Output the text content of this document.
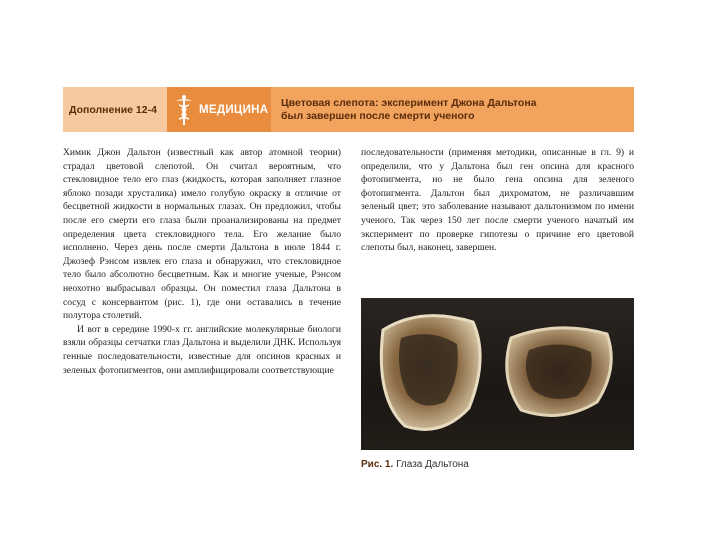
Дополнение 12-4	МЕДИЦИНА
Цветовая слепота: эксперимент Джона Дальтона
был завершен после смерти ученого

Химик Джон Дальтон (известный как автор атомной теории) страдал цветовой слепотой. Он считал вероятным, что стекловидное тело его глаз (жидкость, которая заполняет глазное яблоко позади хрусталика) имело голубую окраску в отличие от бесцветной жидкости в нормальных глазах. Он предложил, чтобы после его смерти его глаза были проанализированы на предмет определения цвета стекловидного тела. Его желание было исполнено. Через день после смерти Дальтона в июле 1844 г. Джозеф Рэнсом извлек его глаза и обнаружил, что стекловидное тело было абсолютно бесцветным. Как и многие ученые, Рэнсом неохотно выбрасывал образцы. Он поместил глаза Дальтона в сосуд с консервантом (рис. 1), где они оставались в течение полутора столетий.

И вот в середине 1990-х гг. английские молекулярные биологи взяли образцы сетчатки глаз Дальтона и выделили ДНК. Используя генные последовательности, известные для опсинов красных и зеленых фотопигментов, они амплифицировали соответствующие

последовательности (применяя методики, описанные в гл. 9) и определили, что у Дальтона был ген опсина для красного фотопигмента, но не было гена опсина для зеленого фотопигмента. Дальтон был дихроматом, не различавшим зеленый цвет; это заболевание называют дальтонизмом по имени ученого. Так через 150 лет после смерти ученого начатый им эксперимент по проверке гипотезы о причине его цветовой слепоты был, наконец, завершен.

Рис. 1. Глаза Дальтона
